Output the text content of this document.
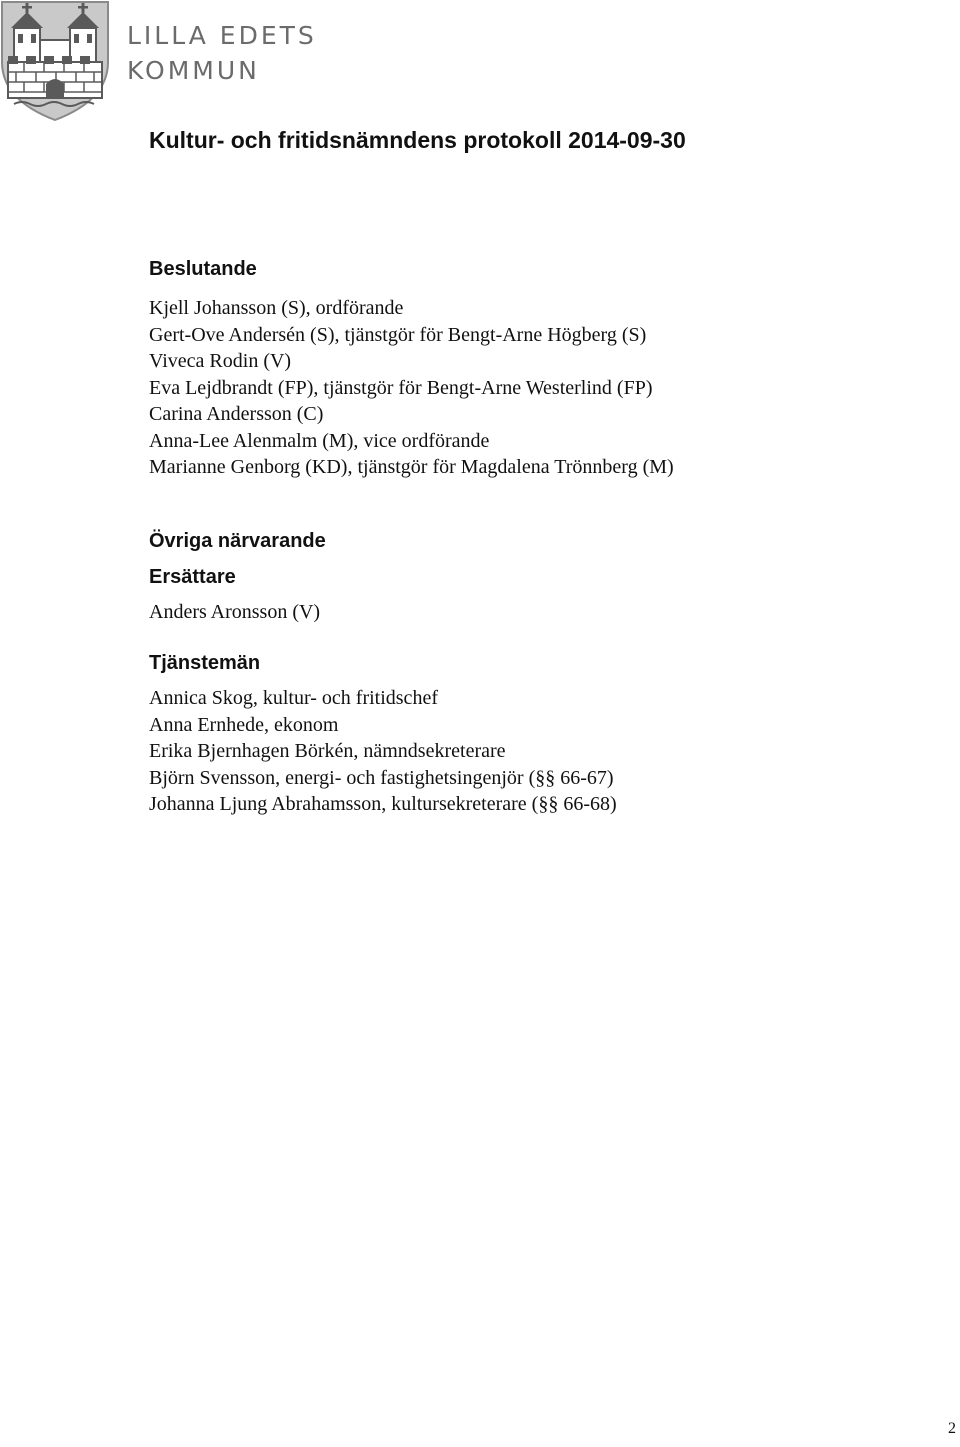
LILLA EDETS
KOMMUN
Kultur- och fritidsnämndens protokoll 2014-09-30
Beslutande
Kjell Johansson (S), ordförande
Gert-Ove Andersén (S), tjänstgör för Bengt-Arne Högberg (S)
Viveca Rodin (V)
Eva Lejdbrandt (FP), tjänstgör för Bengt-Arne Westerlind (FP)
Carina Andersson (C)
Anna-Lee Alenmalm (M), vice ordförande
Marianne Genborg (KD), tjänstgör för Magdalena Trönnberg (M)
Övriga närvarande
Ersättare
Anders Aronsson (V)
Tjänstemän
Annica Skog, kultur- och fritidschef
Anna Ernhede, ekonom
Erika Bjernhagen Börkén, nämndsekreterare
Björn Svensson, energi- och fastighetsingenjör (§§ 66-67)
Johanna Ljung Abrahamsson, kultursekreterare (§§ 66-68)
2
